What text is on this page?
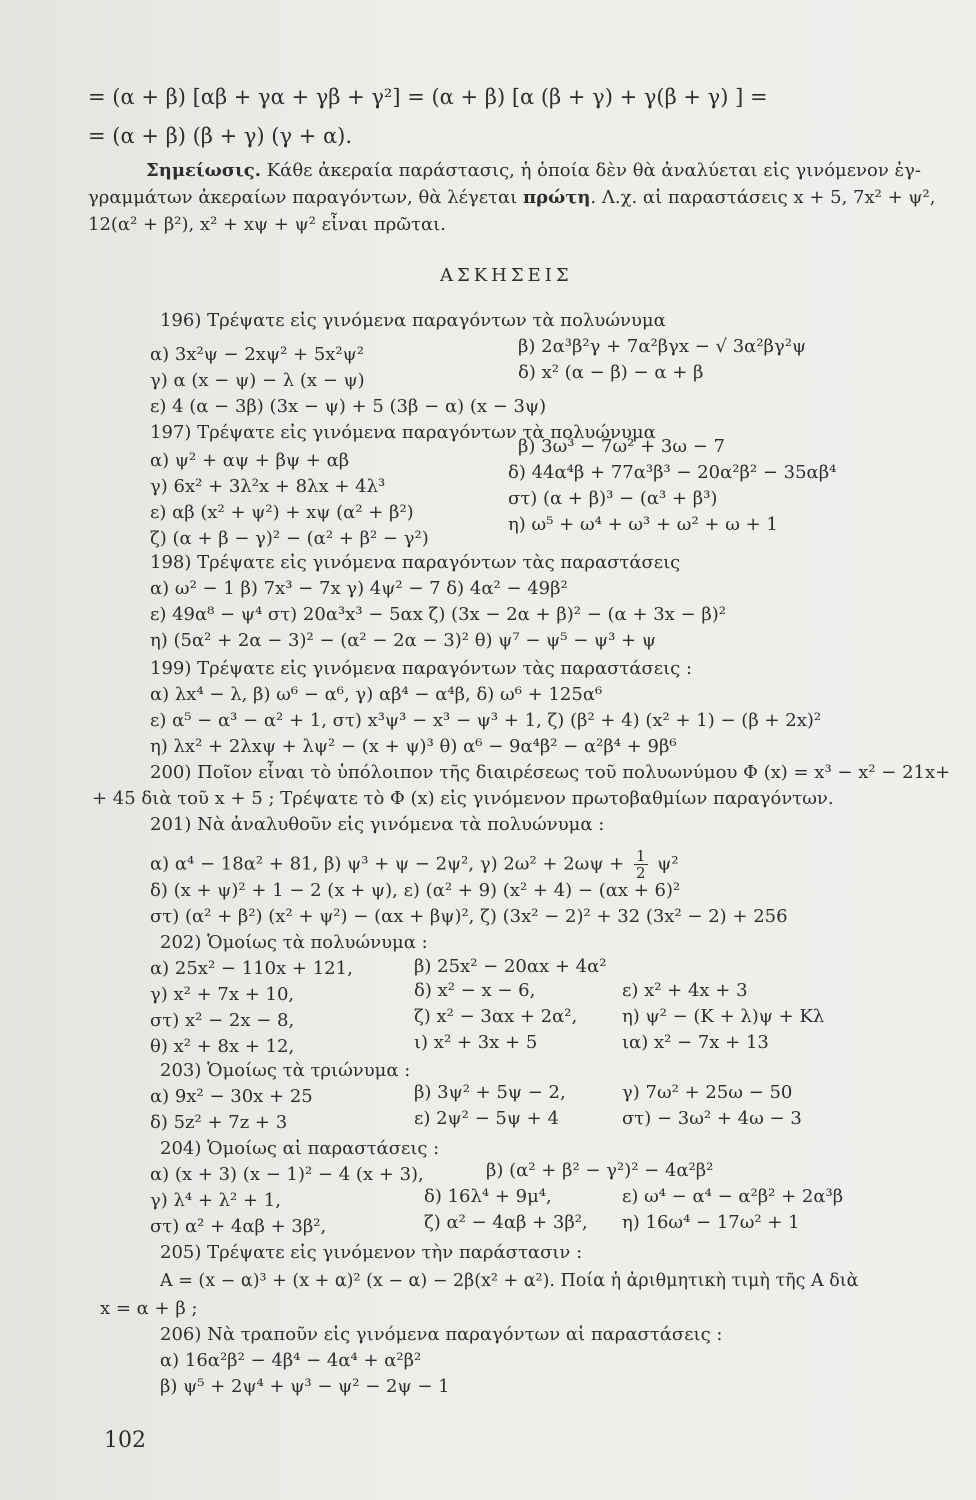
= (α + β) [αβ + γα + γβ + γ²] = (α + β) [α (β + γ) + γ(β + γ) ] =
= (α + β) (β + γ) (γ + α).
Σημείωσις. Κάθε ἀκεραία παράστασις, ἡ ὁποία δὲν θὰ ἀναλύεται εἰς γινόμενον ἐγ-
γραμμάτων ἀκεραίων παραγόντων, θὰ λέγεται πρώτη. Λ.χ. αἱ παραστάσεις x + 5, 7x² + ψ²,
12(α² + β²), x² + xψ + ψ² εἶναι πρῶται.
ΑΣΚΗΣΕΙΣ
196) Τρέψατε εἰς γινόμενα παραγόντων τὰ πολυώνυμα
α) 3x²ψ − 2xψ² + 5x²ψ²	β) 2α³β²γ + 7α²βγx − √ 3α²βγ²ψ
γ) α (x − ψ) − λ (x − ψ)	δ) x² (α − β) − α + β
ε) 4 (α − 3β) (3x − ψ) + 5 (3β − α) (x − 3ψ)
197) Τρέψατε εἰς γινόμενα παραγόντων τὰ πολυώνυμα
α) ψ² + αψ + βψ + αβ
β) 3ω³ − 7ω² + 3ω − 7
γ) 6x² + 3λ²x + 8λx + 4λ³
δ) 44α⁴β + 77α³β³ − 20α²β² − 35αβ⁴
ε) αβ (x² + ψ²) + xψ (α² + β²)
στ) (α + β)³ − (α³ + β³)
ζ) (α + β − γ)² − (α² + β² − γ²)
η) ω⁵ + ω⁴ + ω³ + ω² + ω + 1
198) Τρέψατε εἰς γινόμενα παραγόντων τὰς παραστάσεις
α) ω² − 1 β) 7x³ − 7x γ) 4ψ² − 7 δ) 4α² − 49β²
ε) 49α⁸ − ψ⁴ στ) 20α³x³ − 5αx ζ) (3x − 2α + β)² − (α + 3x − β)²
η) (5α² + 2α − 3)² − (α² − 2α − 3)² θ) ψ⁷ − ψ⁵ − ψ³ + ψ
199) Τρέψατε εἰς γινόμενα παραγόντων τὰς παραστάσεις :
α) λx⁴ − λ, β) ω⁶ − α⁶, γ) αβ⁴ − α⁴β, δ) ω⁶ + 125α⁶
ε) α⁵ − α³ − α² + 1, στ) x³ψ³ − x³ − ψ³ + 1, ζ) (β² + 4) (x² + 1) − (β + 2x)²
η) λx² + 2λxψ + λψ² − (x + ψ)³ θ) α⁶ − 9α⁴β² − α²β⁴ + 9β⁶
200) Ποῖον εἶναι τὸ ὑπόλοιπον τῆς διαιρέσεως τοῦ πολυωνύμου Φ (x) = x³ − x² − 21x+
+ 45 διὰ τοῦ x + 5 ; Τρέψατε τὸ Φ (x) εἰς γινόμενον πρωτοβαθμίων παραγόντων.
201) Νὰ ἀναλυθοῦν εἰς γινόμενα τὰ πολυώνυμα :
α) α⁴ − 18α² + 81, β) ψ³ + ψ − 2ψ², γ) $2\omega^2 + 2\omega\psi + \frac{1}{2} \psi^2$
δ) (x + ψ)² + 1 − 2 (x + ψ), ε) (α² + 9) (x² + 4) − (αx + 6)²
στ) (α² + β²) (x² + ψ²) − (αx + βψ)², ζ) (3x² − 2)² + 32 (3x² − 2) + 256
202) Ὁμοίως τὰ πολυώνυμα :
α) 25x² − 110x + 121,	β) 25x² − 20αx + 4α²
γ) x² + 7x + 10,	δ) x² − x − 6,	ε) x² + 4x + 3
στ) x² − 2x − 8,	ζ) x² − 3αx + 2α², η) ψ² − (Κ + λ)ψ + Κλ
θ) x² + 8x + 12,	ι) x² + 3x + 5	ια) x² − 7x + 13
203) Ὁμοίως τὰ τριώνυμα :
α) 9x² − 30x + 25	β) 3ψ² + 5ψ − 2,	γ) 7ω² + 25ω − 50
δ) 5z² + 7z + 3	ε) 2ψ² − 5ψ + 4	στ) − 3ω² + 4ω − 3
204) Ὁμοίως αἱ παραστάσεις :
α) (x + 3) (x − 1)² − 4 (x + 3),	β) (α² + β² − γ²)² − 4α²β²
γ) λ⁴ + λ² + 1,	δ) 16λ⁴ + 9μ⁴,	ε) ω⁴ − α⁴ − α²β² + 2α³β
στ) α² + 4αβ + 3β²,	ζ) α² − 4αβ + 3β², η) 16ω⁴ − 17ω² + 1
205) Τρέψατε εἰς γινόμενον τὴν παράστασιν :
Α = (x − α)³ + (x + α)² (x − α) − 2β(x² + α²). Ποία ἡ ἀριθμητικὴ τιμὴ τῆς Α διὰ
x = α + β ;
206) Νὰ τραποῦν εἰς γινόμενα παραγόντων αἱ παραστάσεις :
α) 16α²β² − 4β⁴ − 4α⁴ + α²β²
β) ψ⁵ + 2ψ⁴ + ψ³ − ψ² − 2ψ − 1
102
